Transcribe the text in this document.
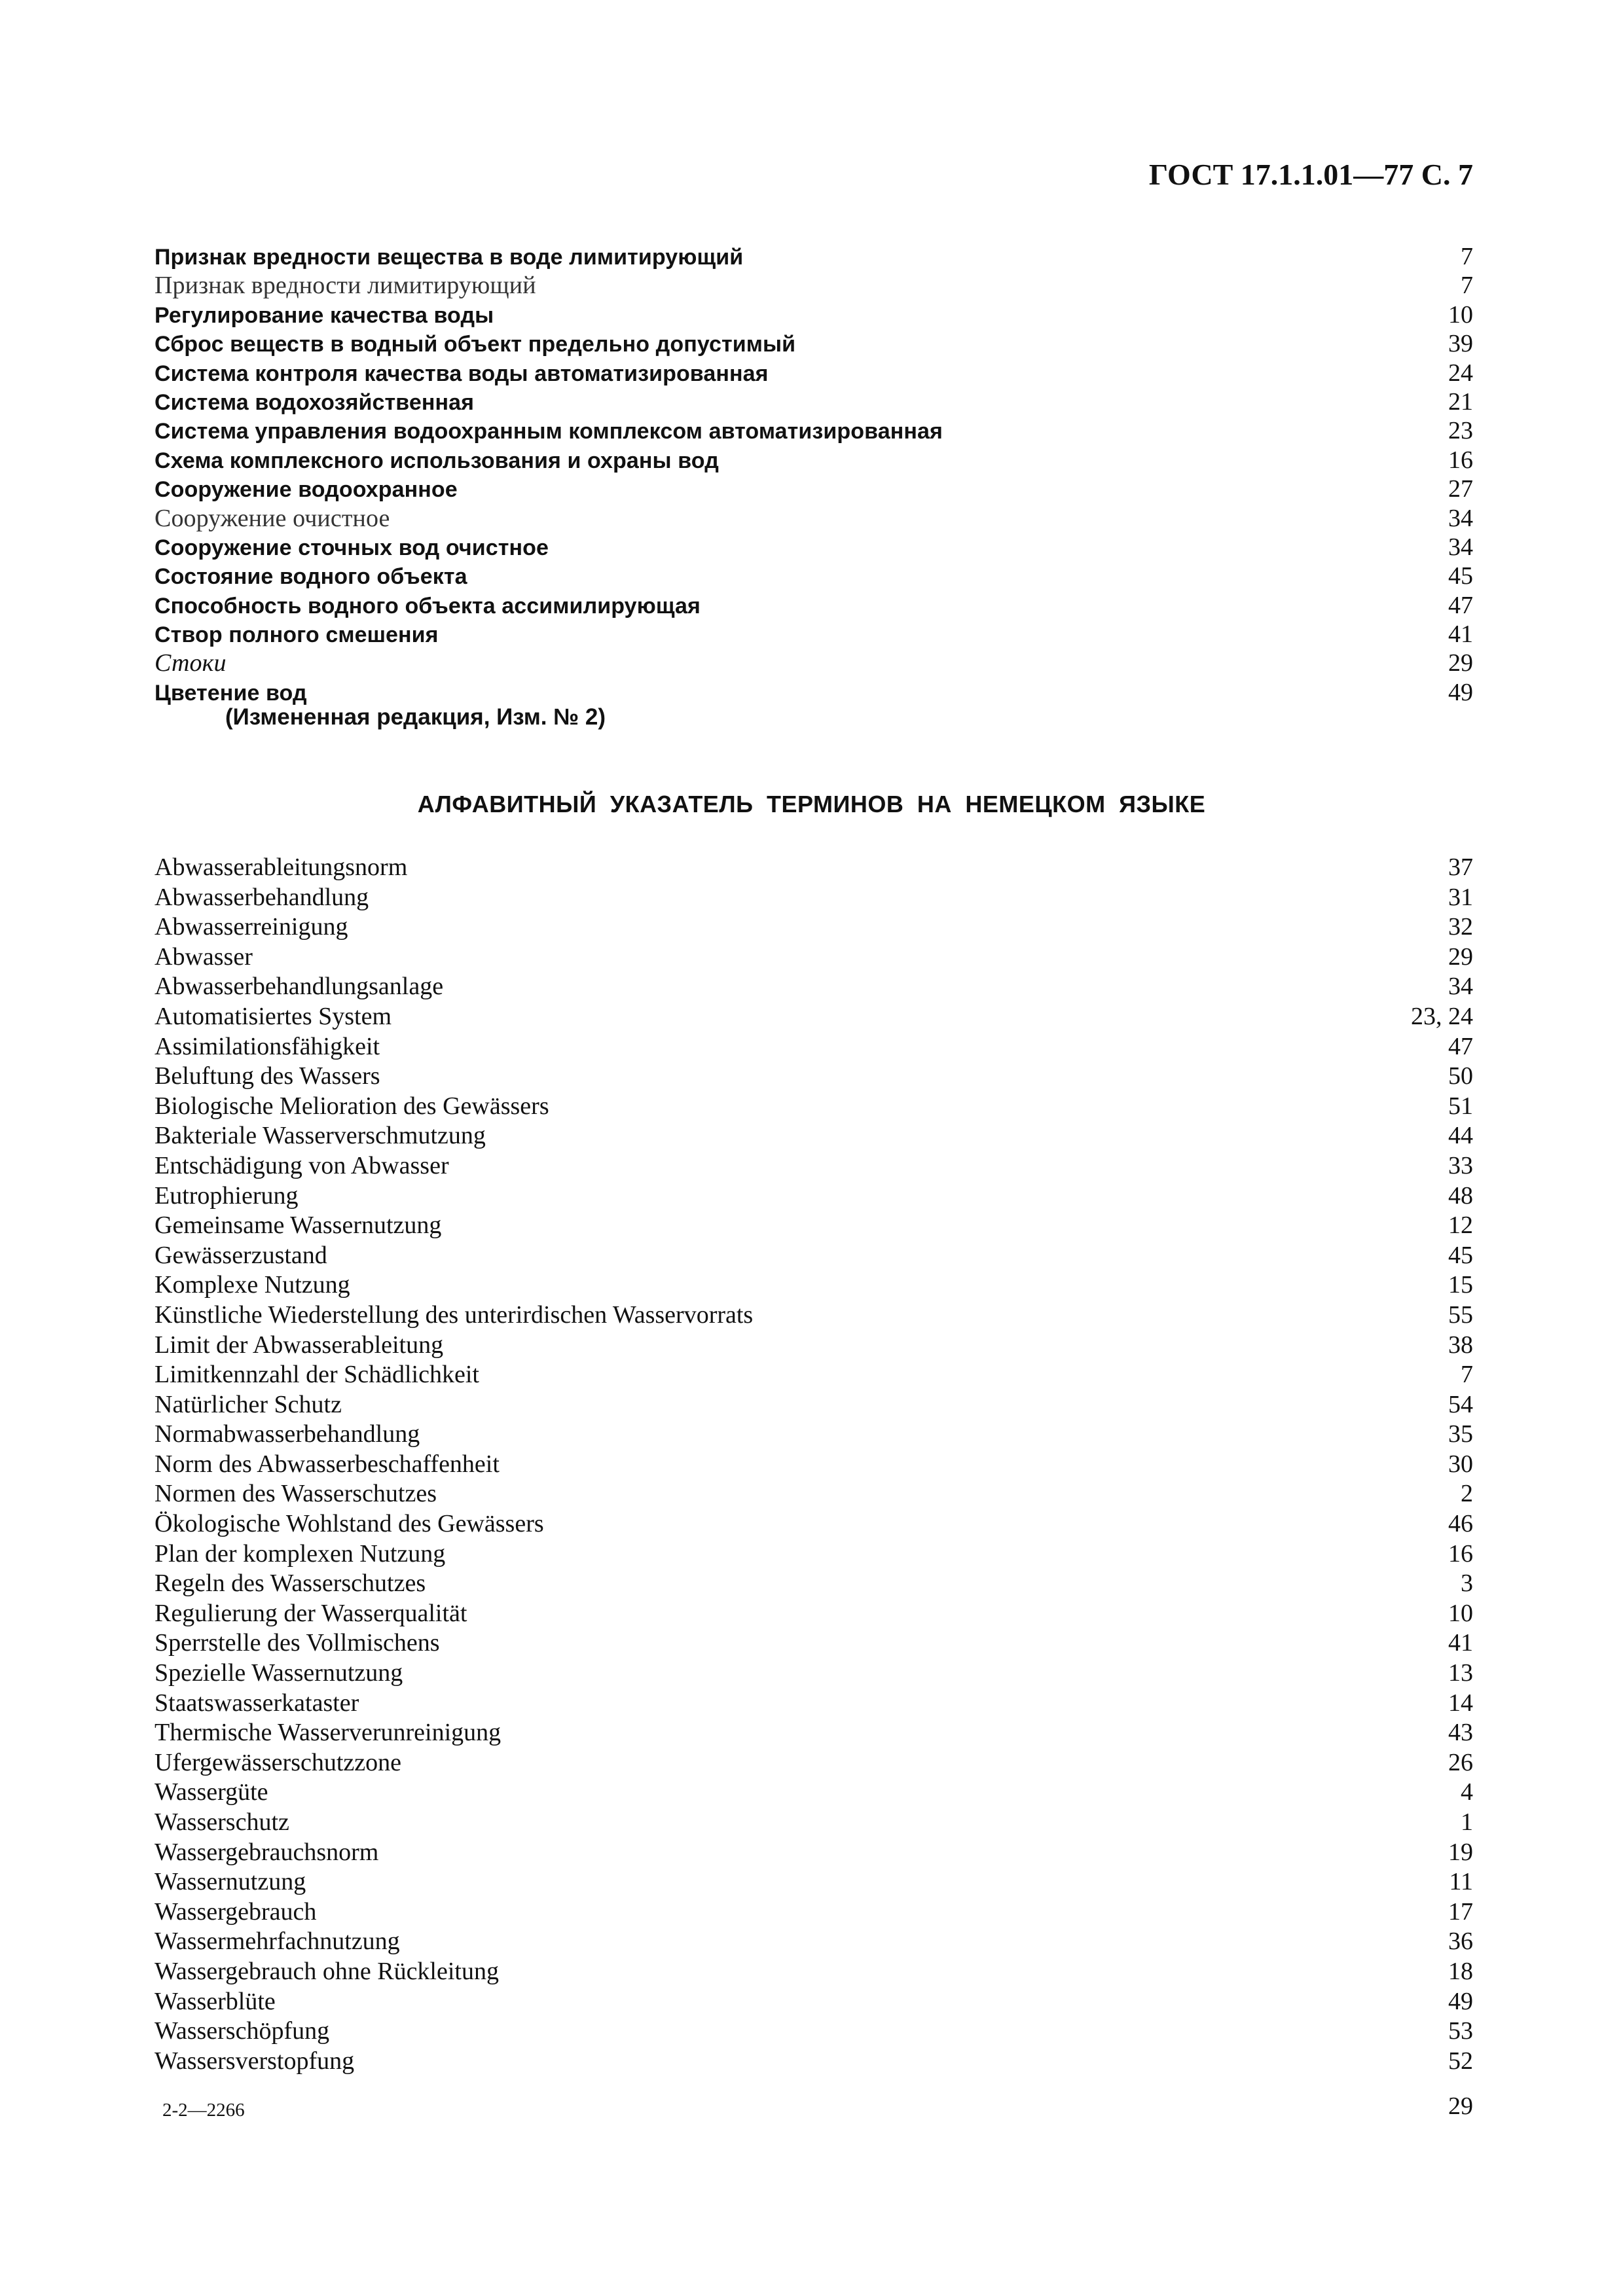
ГОСТ 17.1.1.01—77 С. 7
Признак вредности вещества в воде лимитирующий	7
Признак вредности лимитирующий	7
Регулирование качества воды	10
Сброс веществ в водный объект предельно допустимый	39
Система контроля качества воды автоматизированная	24
Система водохозяйственная	21
Система управления водоохранным комплексом автоматизированная	23
Схема комплексного использования и охраны вод	16
Сооружение водоохранное	27
Сооружение очистное	34
Сооружение сточных вод очистное	34
Состояние водного объекта	45
Способность водного объекта ассимилирующая	47
Створ полного смешения	41
Стоки	29
Цветение вод	49
(Измененная редакция, Изм. № 2)
АЛФАВИТНЫЙ УКАЗАТЕЛЬ ТЕРМИНОВ НА НЕМЕЦКОМ ЯЗЫКЕ
Abwasserableitungsnorm	37
Abwasserbehandlung	31
Abwasserreinigung	32
Abwasser	29
Abwasserbehandlungsanlage	34
Automatisiertes System	23, 24
Assimilationsfähigkeit	47
Beluftung des Wassers	50
Biologische Melioration des Gewässers	51
Bakteriale Wasserverschmutzung	44
Entschädigung von Abwasser	33
Eutrophierung	48
Gemeinsame Wassernutzung	12
Gewässerzustand	45
Komplexe Nutzung	15
Künstliche Wiederstellung des unterirdischen Wasservorrats	55
Limit der Abwasserableitung	38
Limitkennzahl der Schädlichkeit	7
Natürlicher Schutz	54
Normabwasserbehandlung	35
Norm des Abwasserbeschaffenheit	30
Normen des Wasserschutzes	2
Ökologische Wohlstand des Gewässers	46
Plan der komplexen Nutzung	16
Regeln des Wasserschutzes	3
Regulierung der Wasserqualität	10
Sperrstelle des Vollmischens	41
Spezielle Wassernutzung	13
Staatswasserkataster	14
Thermische Wasserverunreinigung	43
Ufergewässerschutzzone	26
Wassergüte	4
Wasserschutz	1
Wassergebrauchsnorm	19
Wassernutzung	11
Wassergebrauch	17
Wassermehrfachnutzung	36
Wassergebrauch ohne Rückleitung	18
Wasserblüte	49
Wasserschöpfung	53
Wassersverstopfung	52
2-2—2266	29
